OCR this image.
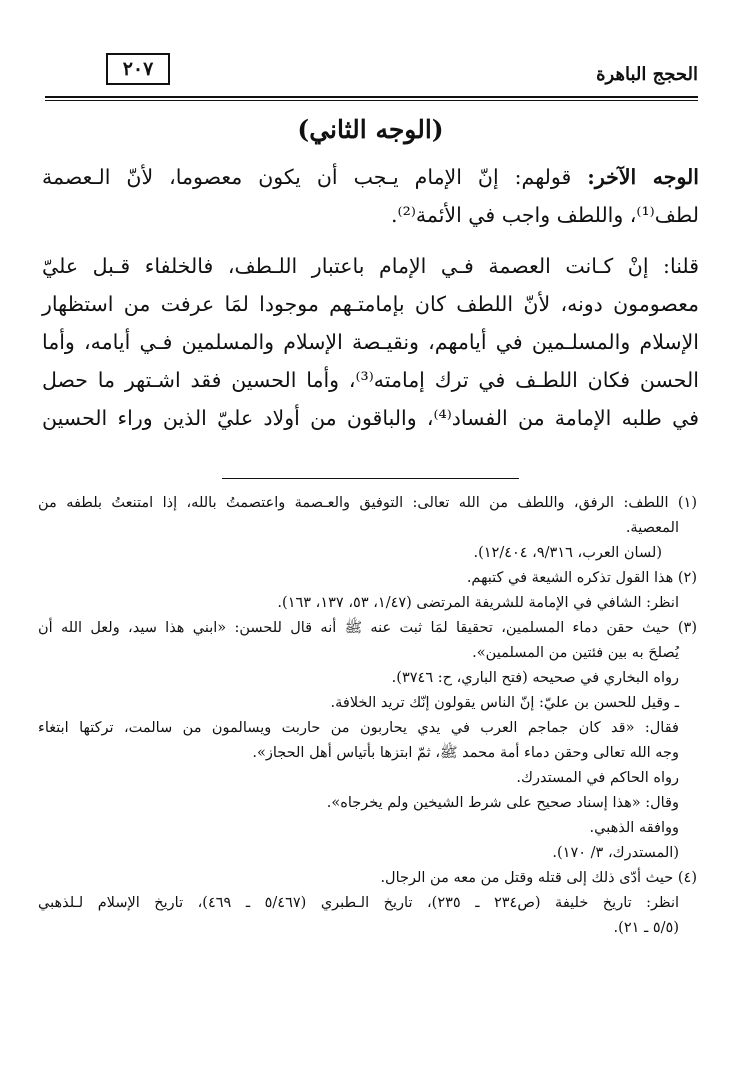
الحجج الباهرة
٢٠٧
(الوجه الثاني)
الوجه الآخر: قولهم: إنّ الإمام يـجب أن يكون معصوما، لأنّ الـعصمة
لطف⁽¹⁾، واللطف واجب في الأئمة⁽²⁾.
قلنا: إنْ كـانت العصمة فـي الإمام باعتبار اللـطف، فالخلفاء قـبل عليّ
معصومون دونه، لأنّ اللطف كان بإمامتـهم موجودا لمَا عرفت من استظهار
الإسلام والمسلـمين في أيامهم، ونقيـصة الإسلام والمسلمين فـي أيامه، وأما
الحسن فكان اللطـف في ترك إمامته⁽³⁾، وأما الحسين فقد اشـتهر ما حصل
في طلبه الإمامة من الفساد⁽⁴⁾، والباقون من أولاد عليّ الذين وراء الحسين
(١) اللطف: الرفق، واللطف من الله تعالى: التوفيق والعـصمة واعتصمتُ بالله، إذا امتنعتُ بلطفه من
المعصية.
(لسان العرب، ٩/٣١٦، ١٢/٤٠٤).
(٢) هذا القول تذكره الشيعة في كتبهم.
انظر: الشافي في الإمامة للشريفة المرتضى (١/٤٧، ٥٣، ١٣٧، ١٦٣).
(٣) حيث حقن دماء المسلمين، تحقيقا لمَا ثبت عنه ﷺ أنه قال للحسن: «ابني هذا سيد، ولعل الله أن
يُصلحَ به بين فئتين من المسلمين».
رواه البخاري في صحيحه (فتح الباري، ح: ٣٧٤٦).
ـ وقيل للحسن بن عليّ: إنّ الناس يقولون إنّك تريد الخلافة.
فقال: «قد كان جماجم العرب في يدي يحاربون من حاربت ويسالمون من سالمت، تركتها ابتغاء
وجه الله تعالى وحقن دماء أمة محمد ﷺ، ثمّ ابتزها بأتياس أهل الحجاز».
رواه الحاكم في المستدرك.
وقال: «هذا إسناد صحيح على شرط الشيخين ولم يخرجاه».
ووافقه الذهبي.
(المستدرك، ٣/ ١٧٠).
(٤) حيث أدّى ذلك إلى قتله وقتل من معه من الرجال.
انظر: تاريخ خليفة (ص٢٣٤ ـ ٢٣٥)، تاريخ الـطبري (٥/٤٦٧ ـ ٤٦٩)، تاريخ الإسلام لـلذهبي
(٥/٥ ـ ٢١).
